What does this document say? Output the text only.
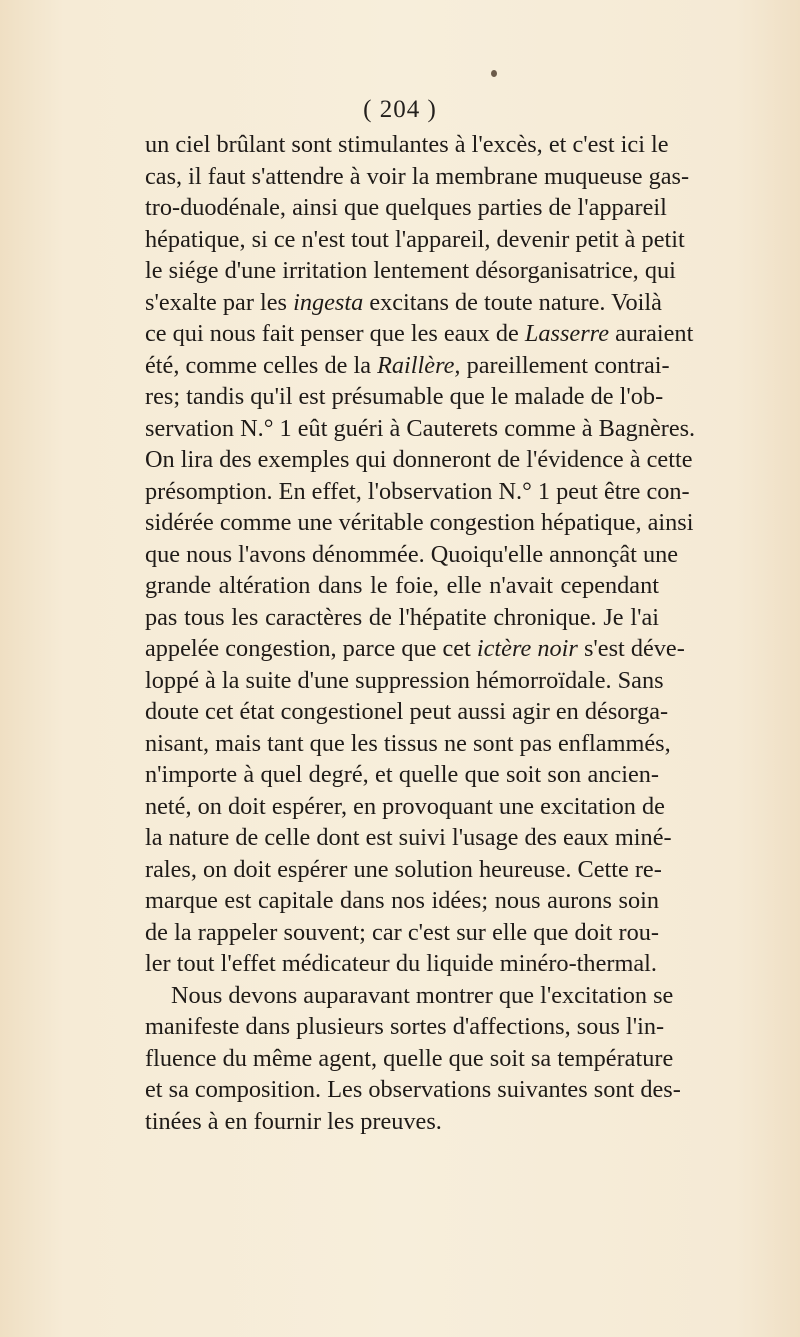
( 204 )
un ciel brûlant sont stimulantes à l'excès, et c'est ici le
cas, il faut s'attendre à voir la membrane muqueuse gas-
tro-duodénale, ainsi que quelques parties de l'appareil
hépatique, si ce n'est tout l'appareil, devenir petit à petit
le siége d'une irritation lentement désorganisatrice, qui
s'exalte par les ingesta excitans de toute nature. Voilà
ce qui nous fait penser que les eaux de Lasserre auraient
été, comme celles de la Raillère, pareillement contrai-
res; tandis qu'il est présumable que le malade de l'ob-
servation N.° 1 eût guéri à Cauterets comme à Bagnères.
On lira des exemples qui donneront de l'évidence à cette
présomption. En effet, l'observation N.° 1 peut être con-
sidérée comme une véritable congestion hépatique, ainsi
que nous l'avons dénommée. Quoiqu'elle annonçât une
grande altération dans le foie, elle n'avait cependant
pas tous les caractères de l'hépatite chronique. Je l'ai
appelée congestion, parce que cet ictère noir s'est déve-
loppé à la suite d'une suppression hémorroïdale. Sans
doute cet état congestionel peut aussi agir en désorga-
nisant, mais tant que les tissus ne sont pas enflammés,
n'importe à quel degré, et quelle que soit son ancien-
neté, on doit espérer, en provoquant une excitation de
la nature de celle dont est suivi l'usage des eaux miné-
rales, on doit espérer une solution heureuse. Cette re-
marque est capitale dans nos idées; nous aurons soin
de la rappeler souvent; car c'est sur elle que doit rou-
ler tout l'effet médicateur du liquide minéro-thermal.
Nous devons auparavant montrer que l'excitation se
manifeste dans plusieurs sortes d'affections, sous l'in-
fluence du même agent, quelle que soit sa température
et sa composition. Les observations suivantes sont des-
tinées à en fournir les preuves.
